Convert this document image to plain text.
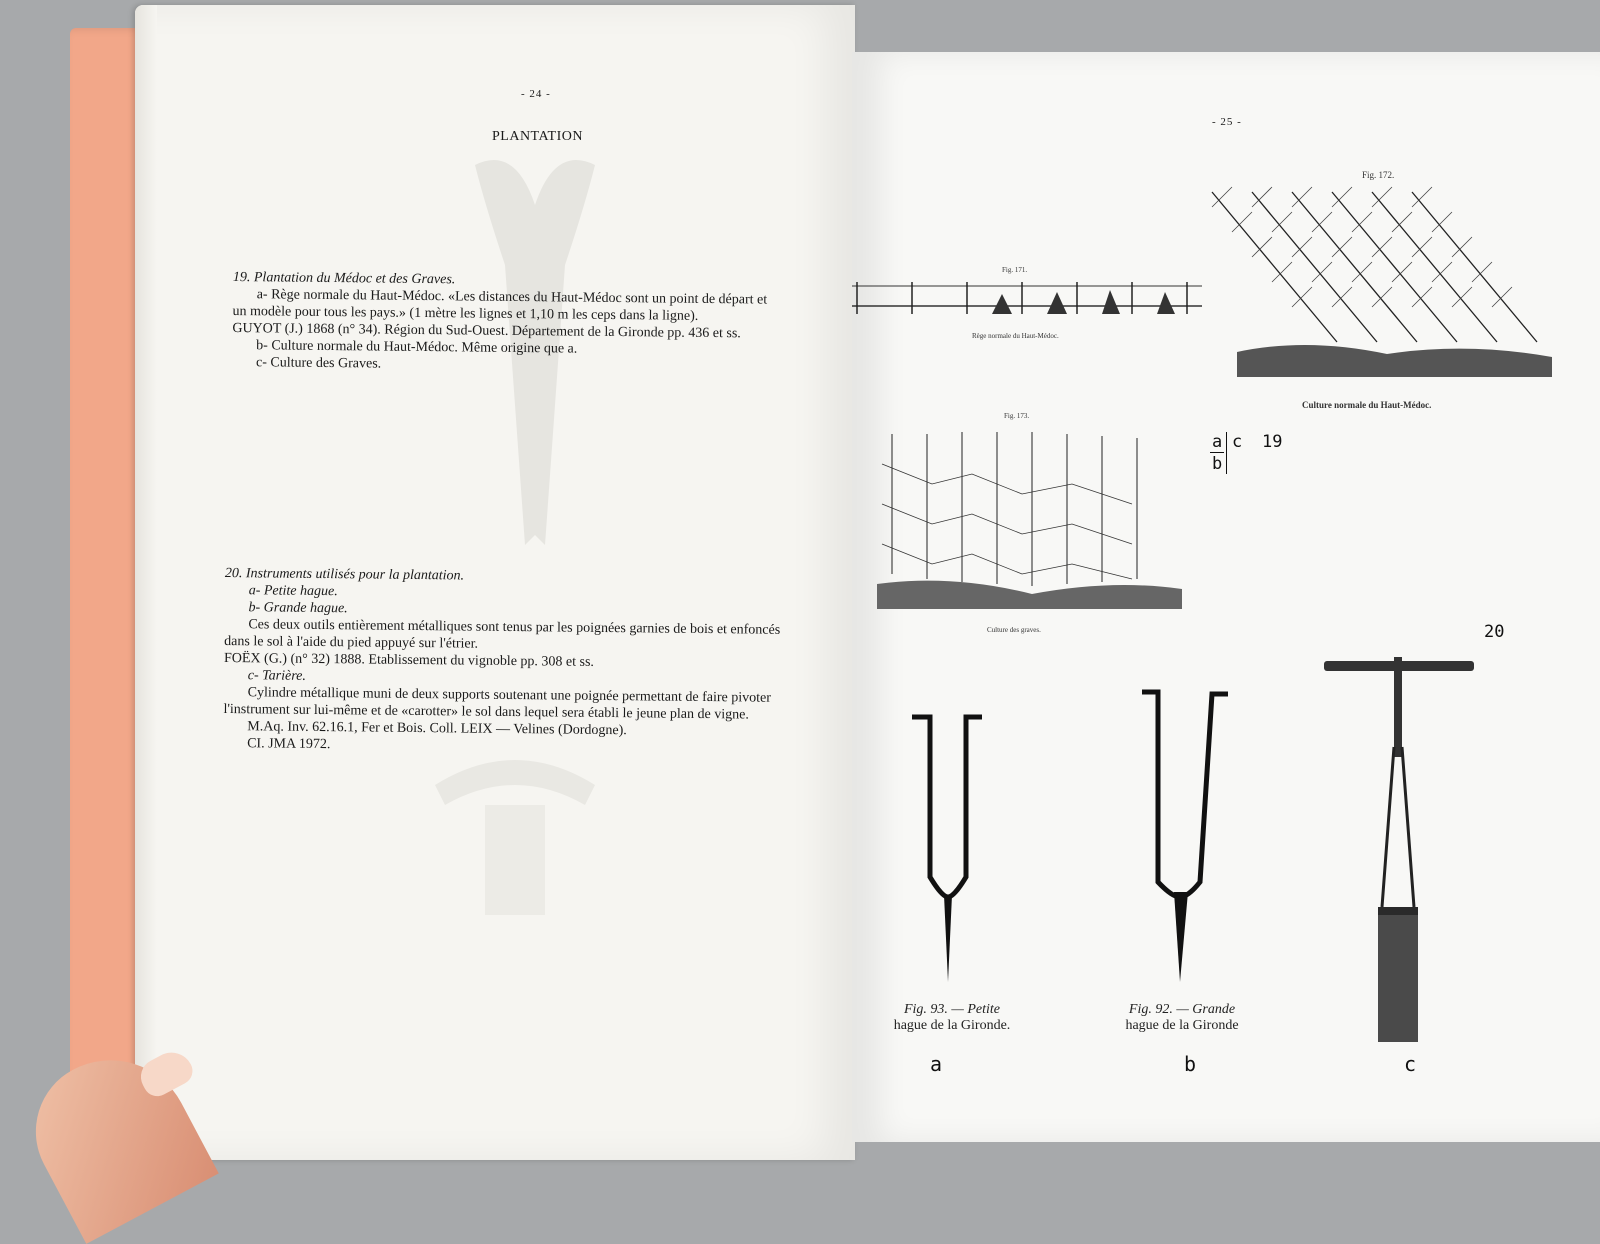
- 24 -
PLANTATION

19. Plantation du Médoc et des Graves.

a- Rège normale du Haut-Médoc. «Les distances du Haut-Médoc sont un point de départ et

un modèle pour tous les pays.» (1 mètre les lignes et 1,10 m les ceps dans la ligne).

GUYOT (J.) 1868 (n° 34). Région du Sud-Ouest. Département de la Gironde pp. 436 et ss.

b- Culture normale du Haut-Médoc. Même origine que a.

c- Culture des Graves.

20. Instruments utilisés pour la plantation.

a- Petite hague.

b- Grande hague.

Ces deux outils entièrement métalliques sont tenus par les poignées garnies de bois et enfoncés

dans le sol à l'aide du pied appuyé sur l'étrier.

FOËX (G.) (n° 32) 1888. Etablissement du vignoble pp. 308 et ss.

c- Tarière.

Cylindre métallique muni de deux supports soutenant une poignée permettant de faire pivoter

l'instrument sur lui-même et de «carotter» le sol dans lequel sera établi le jeune plan de vigne.

M.Aq. Inv. 62.16.1, Fer et Bois. Coll. LEIX — Velines (Dordogne).

CI. JMA 1972.

- 25 -
Fig. 171.
Rège normale du Haut-Médoc.
Fig. 172.
Culture normale du Haut-Médoc.
a
b
c 19
Fig. 173.
Culture des graves.	20
Fig. 93. — Petite
hague de la Gironde.
a
Fig. 92. — Grande
hague de la Gironde
b	c
